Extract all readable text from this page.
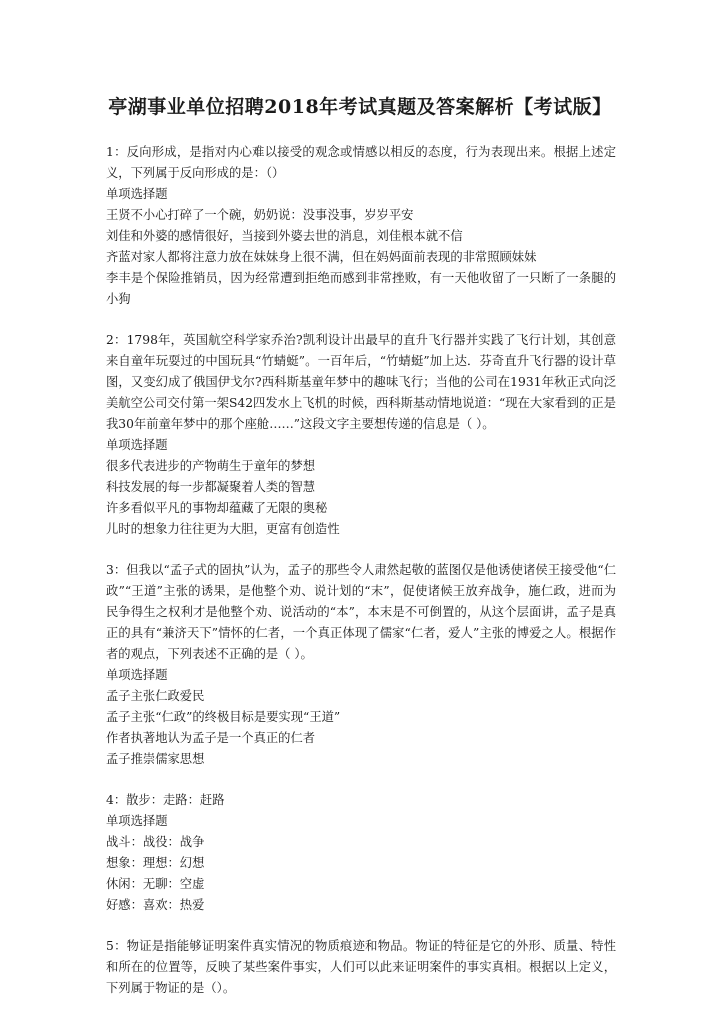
亭湖事业单位招聘2018年考试真题及答案解析【考试版】

1：反向形成，是指对内心难以接受的观念或情感以相反的态度，行为表现出来。根据上述定义，下列属于反向形成的是：（）

单项选择题

王贤不小心打碎了一个碗，奶奶说：没事没事，岁岁平安

刘佳和外婆的感情很好，当接到外婆去世的消息，刘佳根本就不信

齐蓝对家人都将注意力放在妹妹身上很不满，但在妈妈面前表现的非常照顾妹妹

李丰是个保险推销员，因为经常遭到拒绝而感到非常挫败，有一天他收留了一只断了一条腿的小狗

2：1798年，英国航空科学家乔治?凯利设计出最早的直升飞行器并实践了飞行计划，其创意来自童年玩耍过的中国玩具“竹蜻蜓”。一百年后，“竹蜻蜓”加上达．芬奇直升飞行器的设计草图，又变幻成了俄国伊戈尔?西科斯基童年梦中的趣味飞行；当他的公司在1931年秋正式向泛美航空公司交付第一架S42四发水上飞机的时候，西科斯基动情地说道：“现在大家看到的正是我30年前童年梦中的那个座舱……”这段文字主要想传递的信息是（ ）。

单项选择题

很多代表进步的产物萌生于童年的梦想

科技发展的每一步都凝聚着人类的智慧

许多看似平凡的事物却蕴藏了无限的奥秘

儿时的想象力往往更为大胆，更富有创造性

3：但我以“孟子式的固执”认为，孟子的那些令人肃然起敬的蓝图仅是他诱使诸侯王接受他“仁政”“王道”主张的诱果，是他整个劝、说计划的“末”，促使诸候王放弃战争，施仁政，进而为民争得生之权利才是他整个劝、说活动的“本”，本末是不可倒置的，从这个层面讲，孟子是真正的具有“兼济天下”情怀的仁者，一个真正体现了儒家“仁者，爱人”主张的博爱之人。根据作者的观点，下列表述不正确的是（ ）。

单项选择题

孟子主张仁政爱民

孟子主张“仁政”的终极目标是要实现“王道”

作者执著地认为孟子是一个真正的仁者

孟子推崇儒家思想

4：散步：走路：赶路

单项选择题

战斗：战役：战争

想象：理想：幻想

休闲：无聊：空虚

好感：喜欢：热爱

5：物证是指能够证明案件真实情况的物质痕迹和物品。物证的特征是它的外形、质量、特性和所在的位置等，反映了某些案件事实，人们可以此来证明案件的事实真相。根据以上定义，下列属于物证的是（）。
